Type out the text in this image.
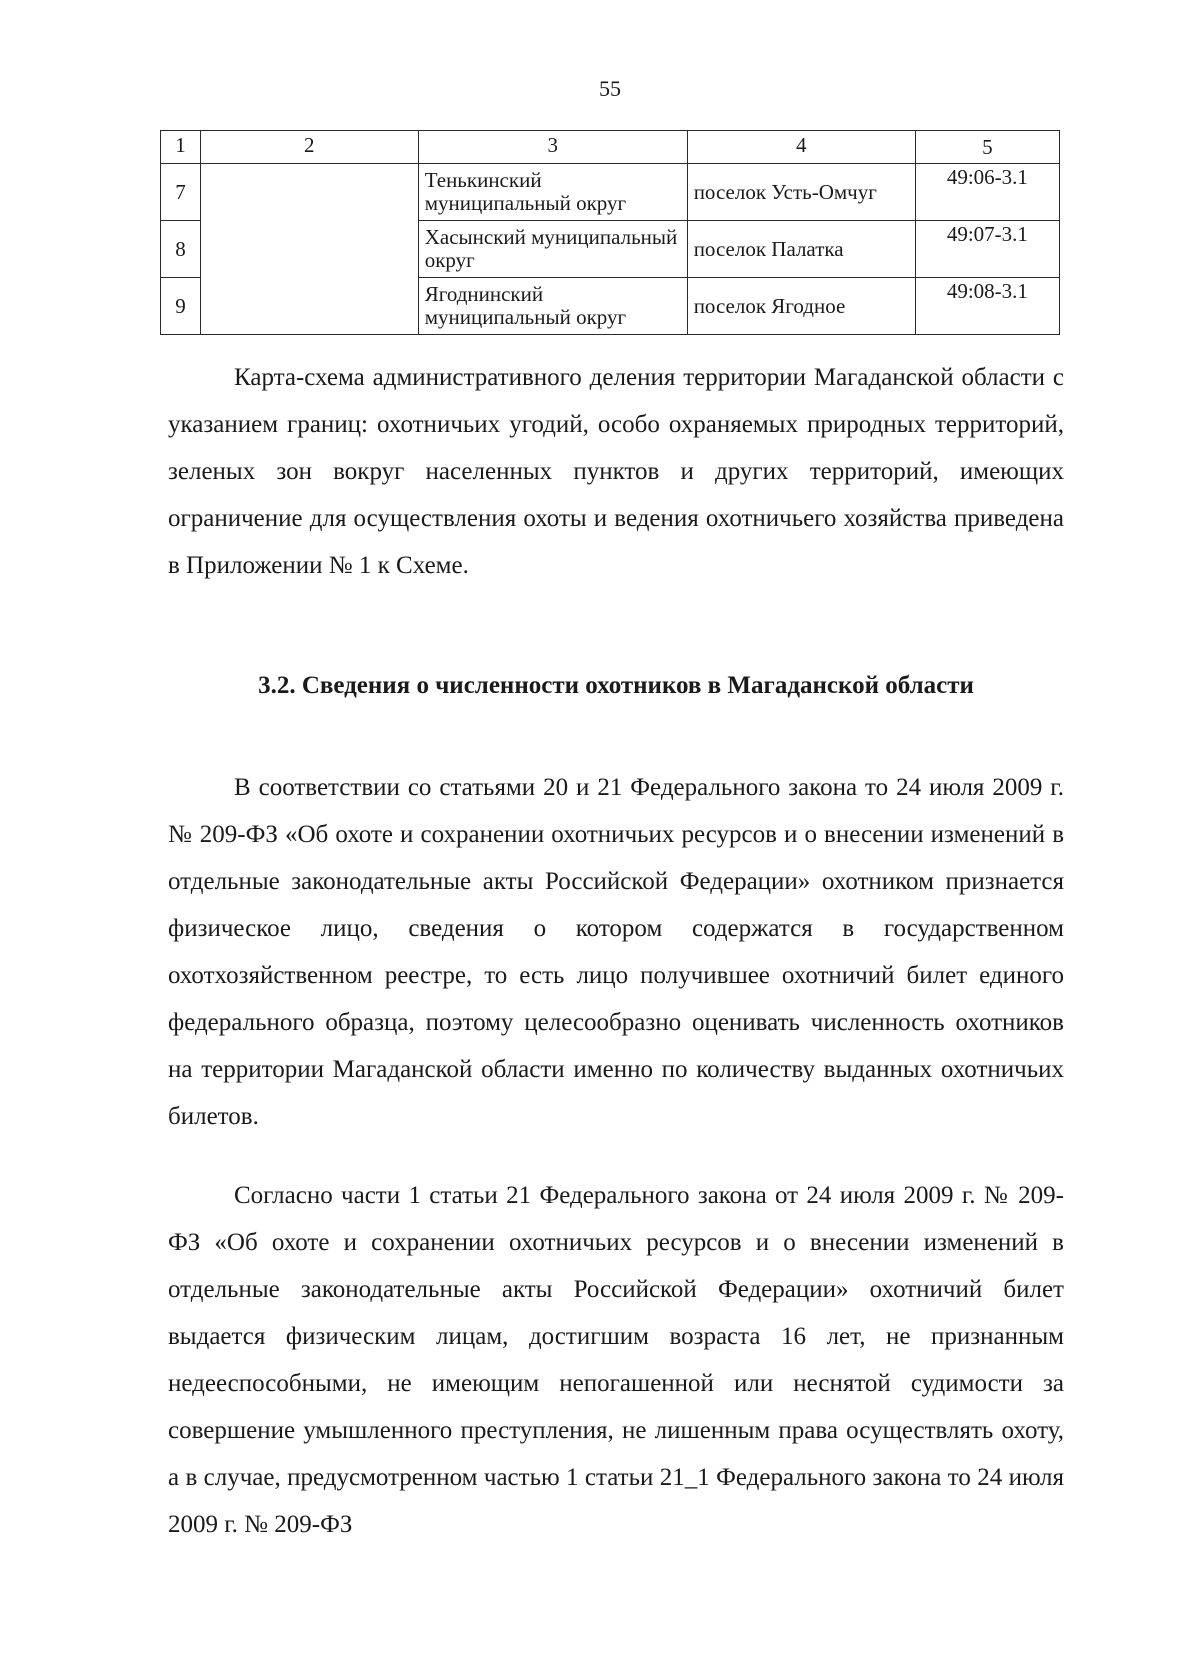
55
1	2	3	4	5
7		Тенькинский муниципальный округ	поселок Усть-Омчуг	49:06-3.1
8		Хасынский муниципальный округ	поселок Палатка	49:07-3.1
9		Ягоднинский муниципальный округ	поселок Ягодное	49:08-3.1

Карта-схема административного деления территории Магаданской области с указанием границ: охотничьих угодий, особо охраняемых природных территорий, зеленых зон вокруг населенных пунктов и других территорий, имеющих ограничение для осуществления охоты и ведения охотничьего хозяйства приведена в Приложении № 1 к Схеме.

3.2. Сведения о численности охотников в Магаданской области

В соответствии со статьями 20 и 21 Федерального закона то 24 июля 2009 г. № 209-ФЗ «Об охоте и сохранении охотничьих ресурсов и о внесении изменений в отдельные законодательные акты Российской Федерации» охотником признается физическое лицо, сведения о котором содержатся в государственном охотхозяйственном реестре, то есть лицо получившее охотничий билет единого федерального образца, поэтому целесообразно оценивать численность охотников на территории Магаданской области именно по количеству выданных охотничьих билетов.

Согласно части 1 статьи 21 Федерального закона от 24 июля 2009 г. № 209-ФЗ «Об охоте и сохранении охотничьих ресурсов и о внесении изменений в отдельные законодательные акты Российской Федерации» охотничий билет выдается физическим лицам, достигшим возраста 16 лет, не признанным недееспособными, не имеющим непогашенной или неснятой судимости за совершение умышленного преступления, не лишенным права осуществлять охоту, а в случае, предусмотренном частью 1 статьи 21_1 Федерального закона то 24 июля 2009 г. № 209-ФЗ
